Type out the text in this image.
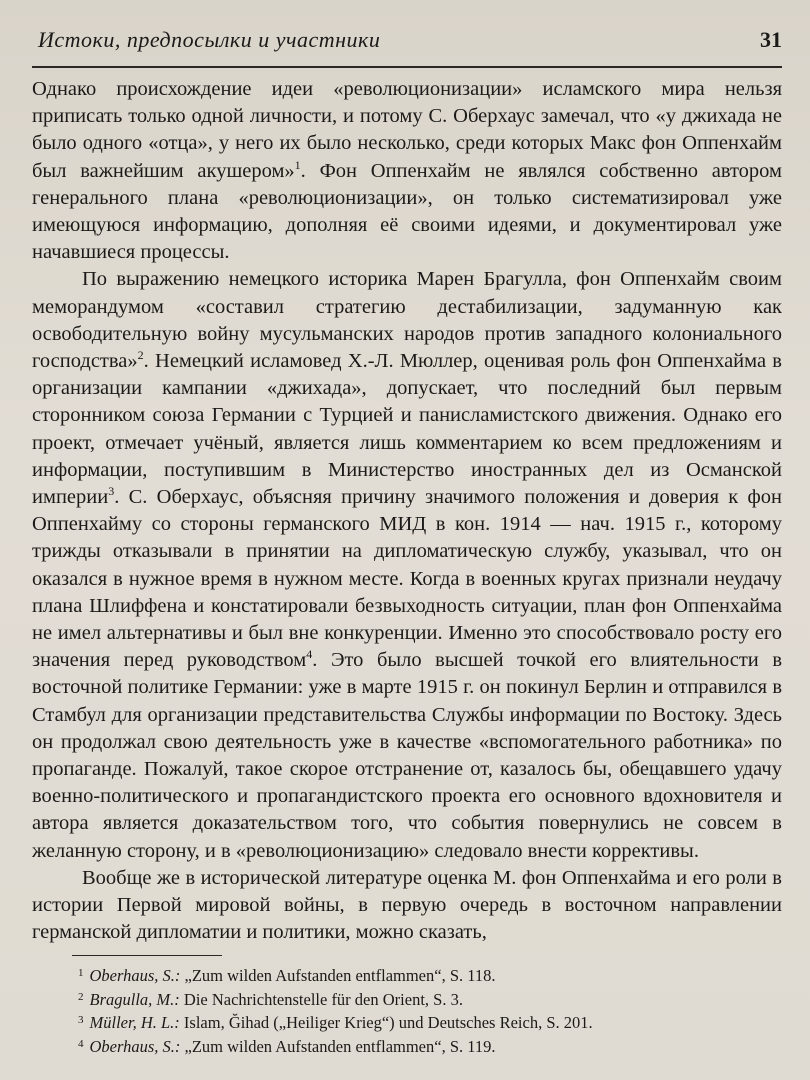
Истоки, предпосылки и участники	31

Однако происхождение идеи «революционизации» исламского мира нельзя приписать только одной личности, и потому С. Оберхаус замечал, что «у джихада не было одного «отца», у него их было несколько, среди которых Макс фон Оппенхайм был важнейшим акушером»$^1$. Фон Оппенхайм не являлся собственно автором генерального плана «революционизации», он только систематизировал уже имеющуюся информацию, дополняя её своими идеями, и документировал уже начавшиеся процессы.

По выражению немецкого историка Марен Брагулла, фон Оппенхайм своим меморандумом «составил стратегию дестабилизации, задуманную как освободительную войну мусульманских народов против западного колониального господства»$^2$. Немецкий исламовед Х.-Л. Мюллер, оценивая роль фон Оппенхайма в организации кампании «джихада», допускает, что последний был первым сторонником союза Германии с Турцией и панисламистского движения. Однако его проект, отмечает учёный, является лишь комментарием ко всем предложениям и информации, поступившим в Министерство иностранных дел из Османской империи$^3$. С. Оберхаус, объясняя причину значимого положения и доверия к фон Оппенхайму со стороны германского МИД в кон. 1914 — нач. 1915 г., которому трижды отказывали в принятии на дипломатическую службу, указывал, что он оказался в нужное время в нужном месте. Когда в военных кругах признали неудачу плана Шлиффена и констатировали безвыходность ситуации, план фон Оппенхайма не имел альтернативы и был вне конкуренции. Именно это способствовало росту его значения перед руководством$^4$. Это было высшей точкой его влиятельности в восточной политике Германии: уже в марте 1915 г. он покинул Берлин и отправился в Стамбул для организации представительства Службы информации по Востоку. Здесь он продолжал свою деятельность уже в качестве «вспомогательного работника» по пропаганде. Пожалуй, такое скорое отстранение от, казалось бы, обещавшего удачу военно-политического и пропагандистского проекта его основного вдохновителя и автора является доказательством того, что события повернулись не совсем в желанную сторону, и в «революционизацию» следовало внести коррективы.

Вообще же в исторической литературе оценка М. фон Оппенхайма и его роли в истории Первой мировой войны, в первую очередь в восточном направлении германской дипломатии и политики, можно сказать,

$^1$ Oberhaus, S.: „Zum wilden Aufstanden entflammen“, S. 118.

$^2$ Bragulla, M.: Die Nachrichtenstelle für den Orient, S. 3.

$^3$ Müller, H. L.: Islam, Ğihad („Heiliger Krieg“) und Deutsches Reich, S. 201.

$^4$ Oberhaus, S.: „Zum wilden Aufstanden entflammen“, S. 119.
